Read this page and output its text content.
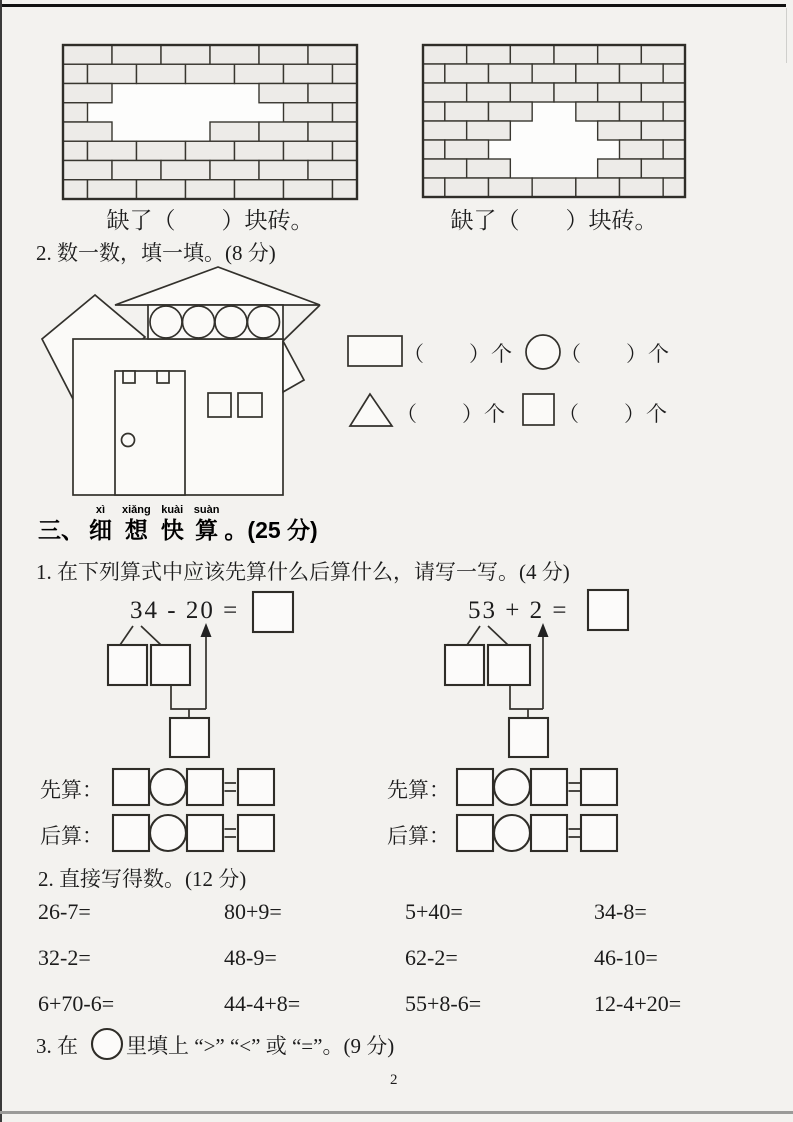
缺了（　　）块砖。	缺了（　　）块砖。
2. 数一数，填一填。(8 分)
（　　）个 （　　）个
（　　）个 （　　）个
三、
xì
细
xiǎng
想
kuài
快
suàn
算 。(25 分)
1. 在下列算式中应该先算什么后算什么，请写一写。(4 分)
34 - 20 =	53 + 2 =
先算：
后算：
先算：
后算：
2. 直接写得数。(12 分)
26-7=	80+9=	5+40=	34-8=
32-2=	48-9=	62-2=	46-10=
6+70-6=	44-4+8=	55+8-6=	12-4+20=
3. 在 里填上 “>” “<” 或 “=”。(9 分)
2
